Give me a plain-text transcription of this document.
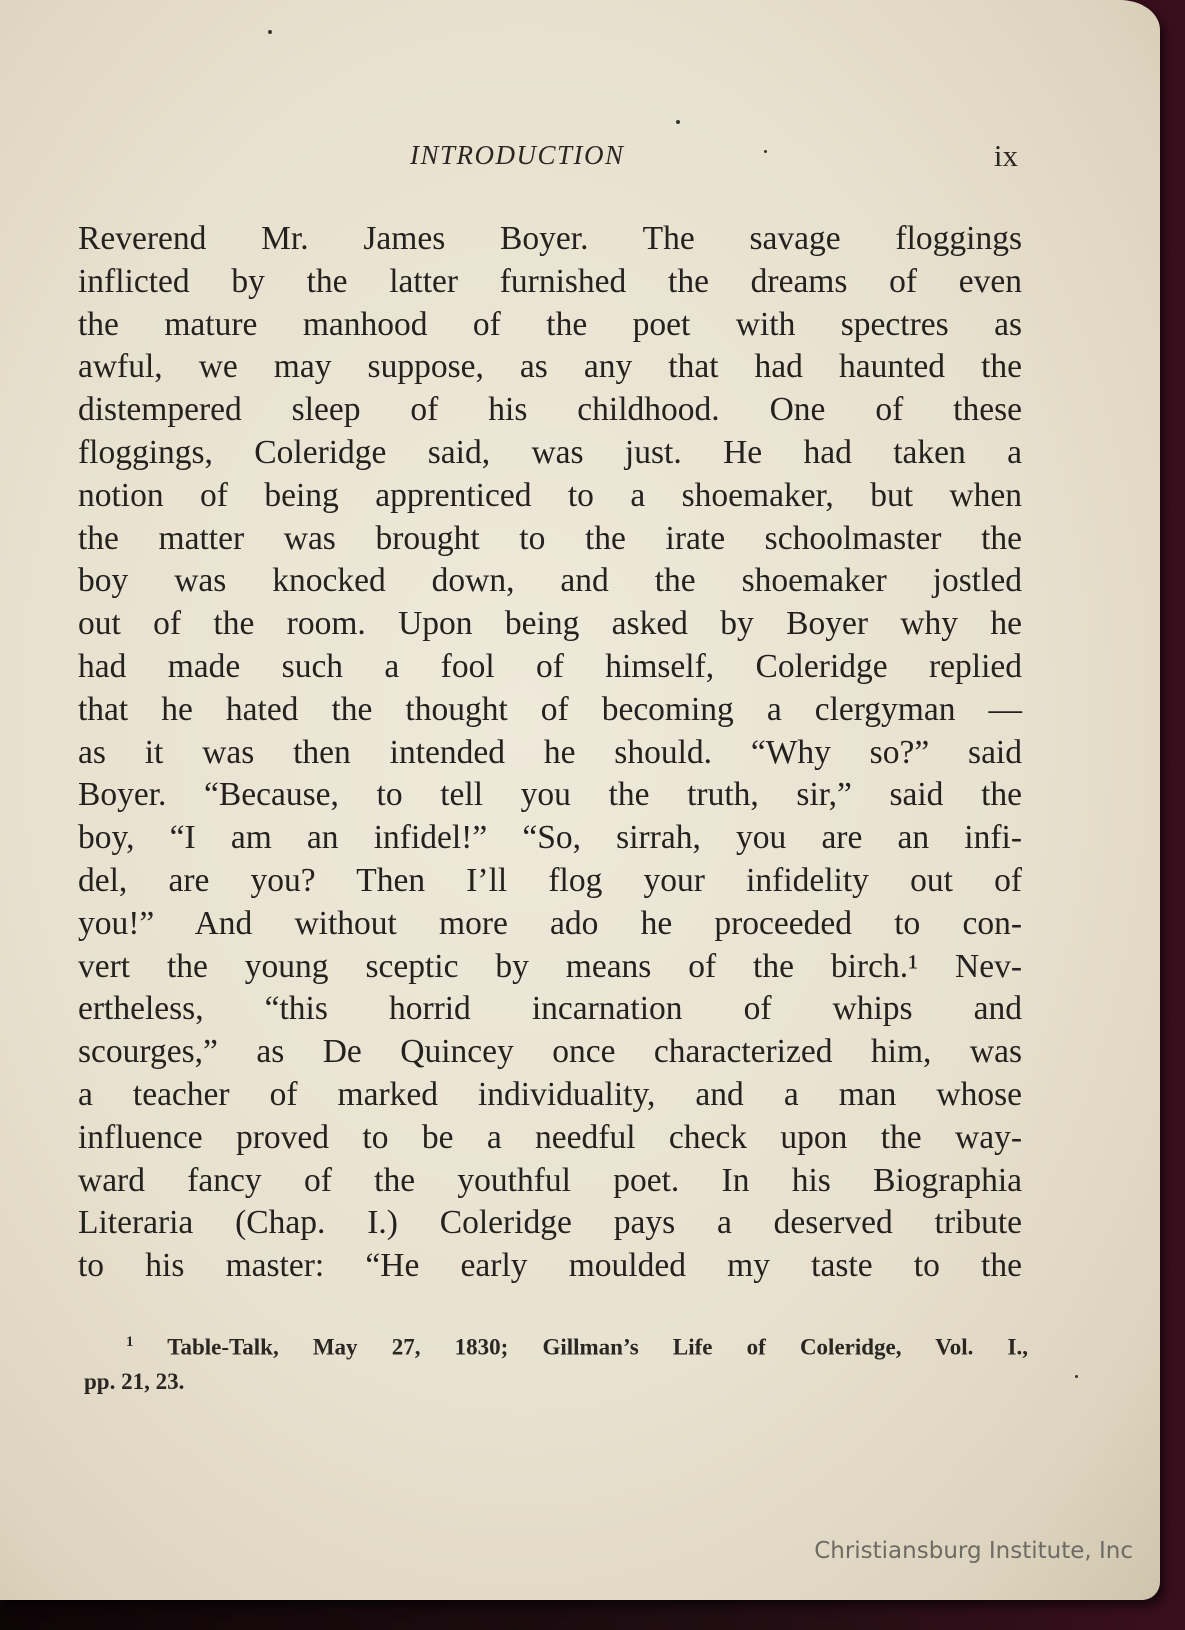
INTRODUCTION	ix
Reverend Mr. James Boyer. The savage floggings
inflicted by the latter furnished the dreams of even
the mature manhood of the poet with spectres as
awful, we may suppose, as any that had haunted the
distempered sleep of his childhood. One of these
floggings, Coleridge said, was just. He had taken a
notion of being apprenticed to a shoemaker, but when
the matter was brought to the irate schoolmaster the
boy was knocked down, and the shoemaker jostled
out of the room. Upon being asked by Boyer why he
had made such a fool of himself, Coleridge replied
that he hated the thought of becoming a clergyman —
as it was then intended he should. “Why so?” said
Boyer. “Because, to tell you the truth, sir,” said the
boy, “I am an infidel!” “So, sirrah, you are an infi-
del, are you? Then I’ll flog your infidelity out of
you!” And without more ado he proceeded to con-
vert the young sceptic by means of the birch.¹ Nev-
ertheless, “this horrid incarnation of whips and
scourges,” as De Quincey once characterized him, was
a teacher of marked individuality, and a man whose
influence proved to be a needful check upon the way-
ward fancy of the youthful poet. In his Biographia
Literaria (Chap. I.) Coleridge pays a deserved tribute
to his master: “He early moulded my taste to the
$^1$ Table-Talk, May 27, 1830; Gillman’s Life of Coleridge, Vol. I.,
pp. 21, 23.
Christiansburg Institute, Inc
